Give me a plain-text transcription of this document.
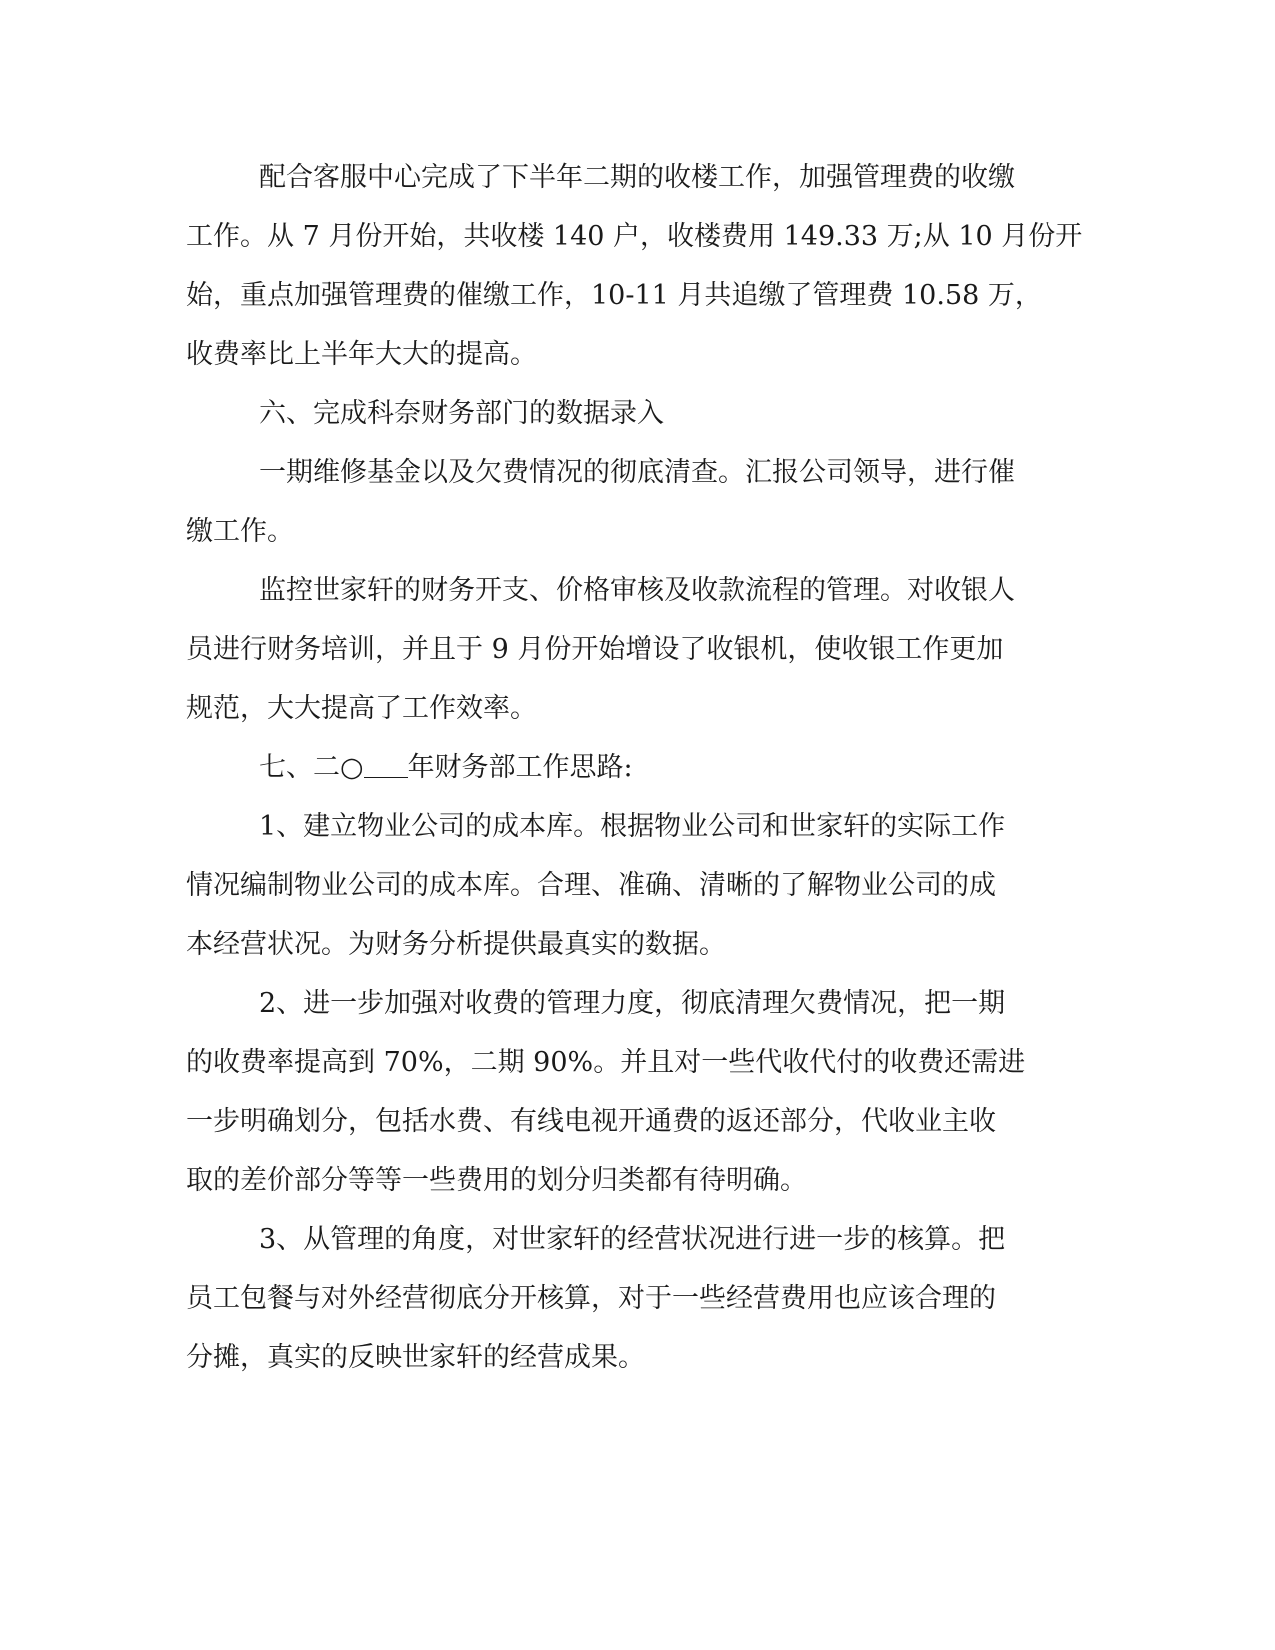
配合客服中心完成了下半年二期的收楼工作，加强管理费的收缴
工作。从 7 月份开始，共收楼 140 户，收楼费用 149.33 万;从 10 月份开
始，重点加强管理费的催缴工作，10-11 月共追缴了管理费 10.58 万，
收费率比上半年大大的提高。
六、完成科奈财务部门的数据录入
一期维修基金以及欠费情况的彻底清查。汇报公司领导，进行催
缴工作。
监控世家轩的财务开支、价格审核及收款流程的管理。对收银人
员进行财务培训，并且于 9 月份开始增设了收银机，使收银工作更加
规范，大大提高了工作效率。
七、二○ 年财务部工作思路:
1、建立物业公司的成本库。根据物业公司和世家轩的实际工作
情况编制物业公司的成本库。合理、准确、清晰的了解物业公司的成
本经营状况。为财务分析提供最真实的数据。
2、进一步加强对收费的管理力度，彻底清理欠费情况，把一期
的收费率提高到 70%，二期 90%。并且对一些代收代付的收费还需进
一步明确划分，包括水费、有线电视开通费的返还部分，代收业主收
取的差价部分等等一些费用的划分归类都有待明确。
3、从管理的角度，对世家轩的经营状况进行进一步的核算。把
员工包餐与对外经营彻底分开核算，对于一些经营费用也应该合理的
分摊，真实的反映世家轩的经营成果。
